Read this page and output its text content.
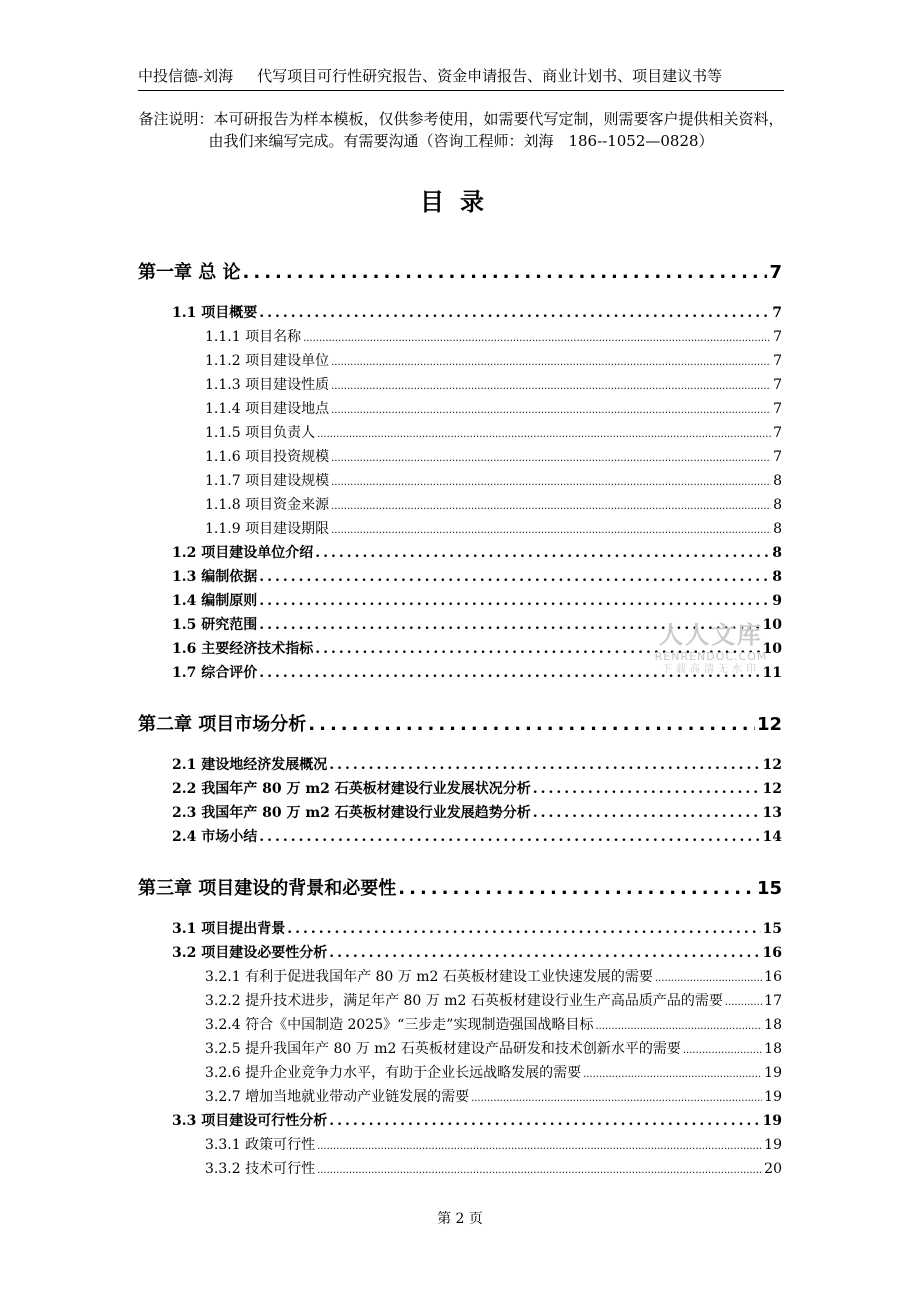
中投信德-刘海 代写项目可行性研究报告、资金申请报告、商业计划书、项目建议书等
备注说明：本可研报告为样本模板，仅供参考使用，如需要代写定制，则需要客户提供相关资料，由我们来编写完成。有需要沟通（咨询工程师：刘海　186--1052—0828）
目录
第一章 总 论 .....	7
1.1 项目概要 .....	7
1.1.1 项目名称 .....	7
1.1.2 项目建设单位 .....	7
1.1.3 项目建设性质 .....	7
1.1.4 项目建设地点 .....	7
1.1.5 项目负责人 .....	7
1.1.6 项目投资规模 .....	7
1.1.7 项目建设规模 .....	8
1.1.8 项目资金来源 .....	8
1.1.9 项目建设期限 .....	8
1.2 项目建设单位介绍 .....	8
1.3 编制依据 .....	8
1.4 编制原则 .....	9
1.5 研究范围 .....	10
1.6 主要经济技术指标 .....	10
1.7 综合评价 .....	11
第二章 项目市场分析 .....	12
2.1 建设地经济发展概况 .....	12
2.2 我国年产 80 万 m2 石英板材建设行业发展状况分析 .....	12
2.3 我国年产 80 万 m2 石英板材建设行业发展趋势分析 .....	13
2.4 市场小结 .....	14
第三章 项目建设的背景和必要性 .....	15
3.1 项目提出背景 .....	15
3.2 项目建设必要性分析 .....	16
3.2.1 有利于促进我国年产 80 万 m2 石英板材建设工业快速发展的需要 .....	16
3.2.2 提升技术进步，满足年产 80 万 m2 石英板材建设行业生产高品质产品的需要 .....	17
3.2.4 符合《中国制造 2025》“三步走”实现制造强国战略目标 .....	18
3.2.5 提升我国年产 80 万 m2 石英板材建设产品研发和技术创新水平的需要 .....	18
3.2.6 提升企业竞争力水平，有助于企业长远战略发展的需要 .....	19
3.2.7 增加当地就业带动产业链发展的需要 .....	19
3.3 项目建设可行性分析 .....	19
3.3.1 政策可行性 .....	19
3.3.2 技术可行性 .....	20
人人文库
RENRENDOC.COM
下载高清无水印
第 2 页
